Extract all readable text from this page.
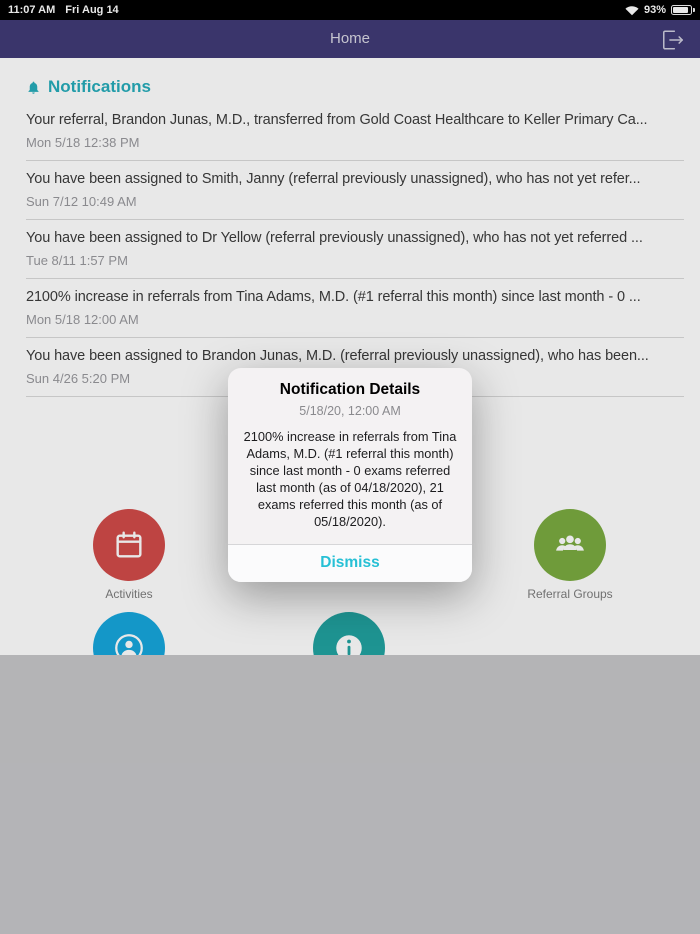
11:07 AM Fri Aug 14	93%
Home
Notifications
Your referral, Brandon Junas, M.D., transferred from Gold Coast Healthcare to Keller Primary Ca...
Mon 5/18 12:38 PM
You have been assigned to Smith, Janny (referral previously unassigned), who has not yet refer...
Sun 7/12 10:49 AM
You have been assigned to Dr Yellow (referral previously unassigned), who has not yet referred ...
Tue 8/11 1:57 PM
2100% increase in referrals from Tina Adams, M.D. (#1 referral this month) since last month - 0 ...
Mon 5/18 12:00 AM
You have been assigned to Brandon Junas, M.D. (referral previously unassigned), who has been...
Sun 4/26 5:20 PM
Activities	Referral Groups
Notification Details
5/18/20, 12:00 AM
2100% increase in referrals from Tina Adams, M.D. (#1 referral this month) since last month - 0 exams referred last month (as of 04/18/2020), 21 exams referred this month (as of 05/18/2020).
Dismiss
